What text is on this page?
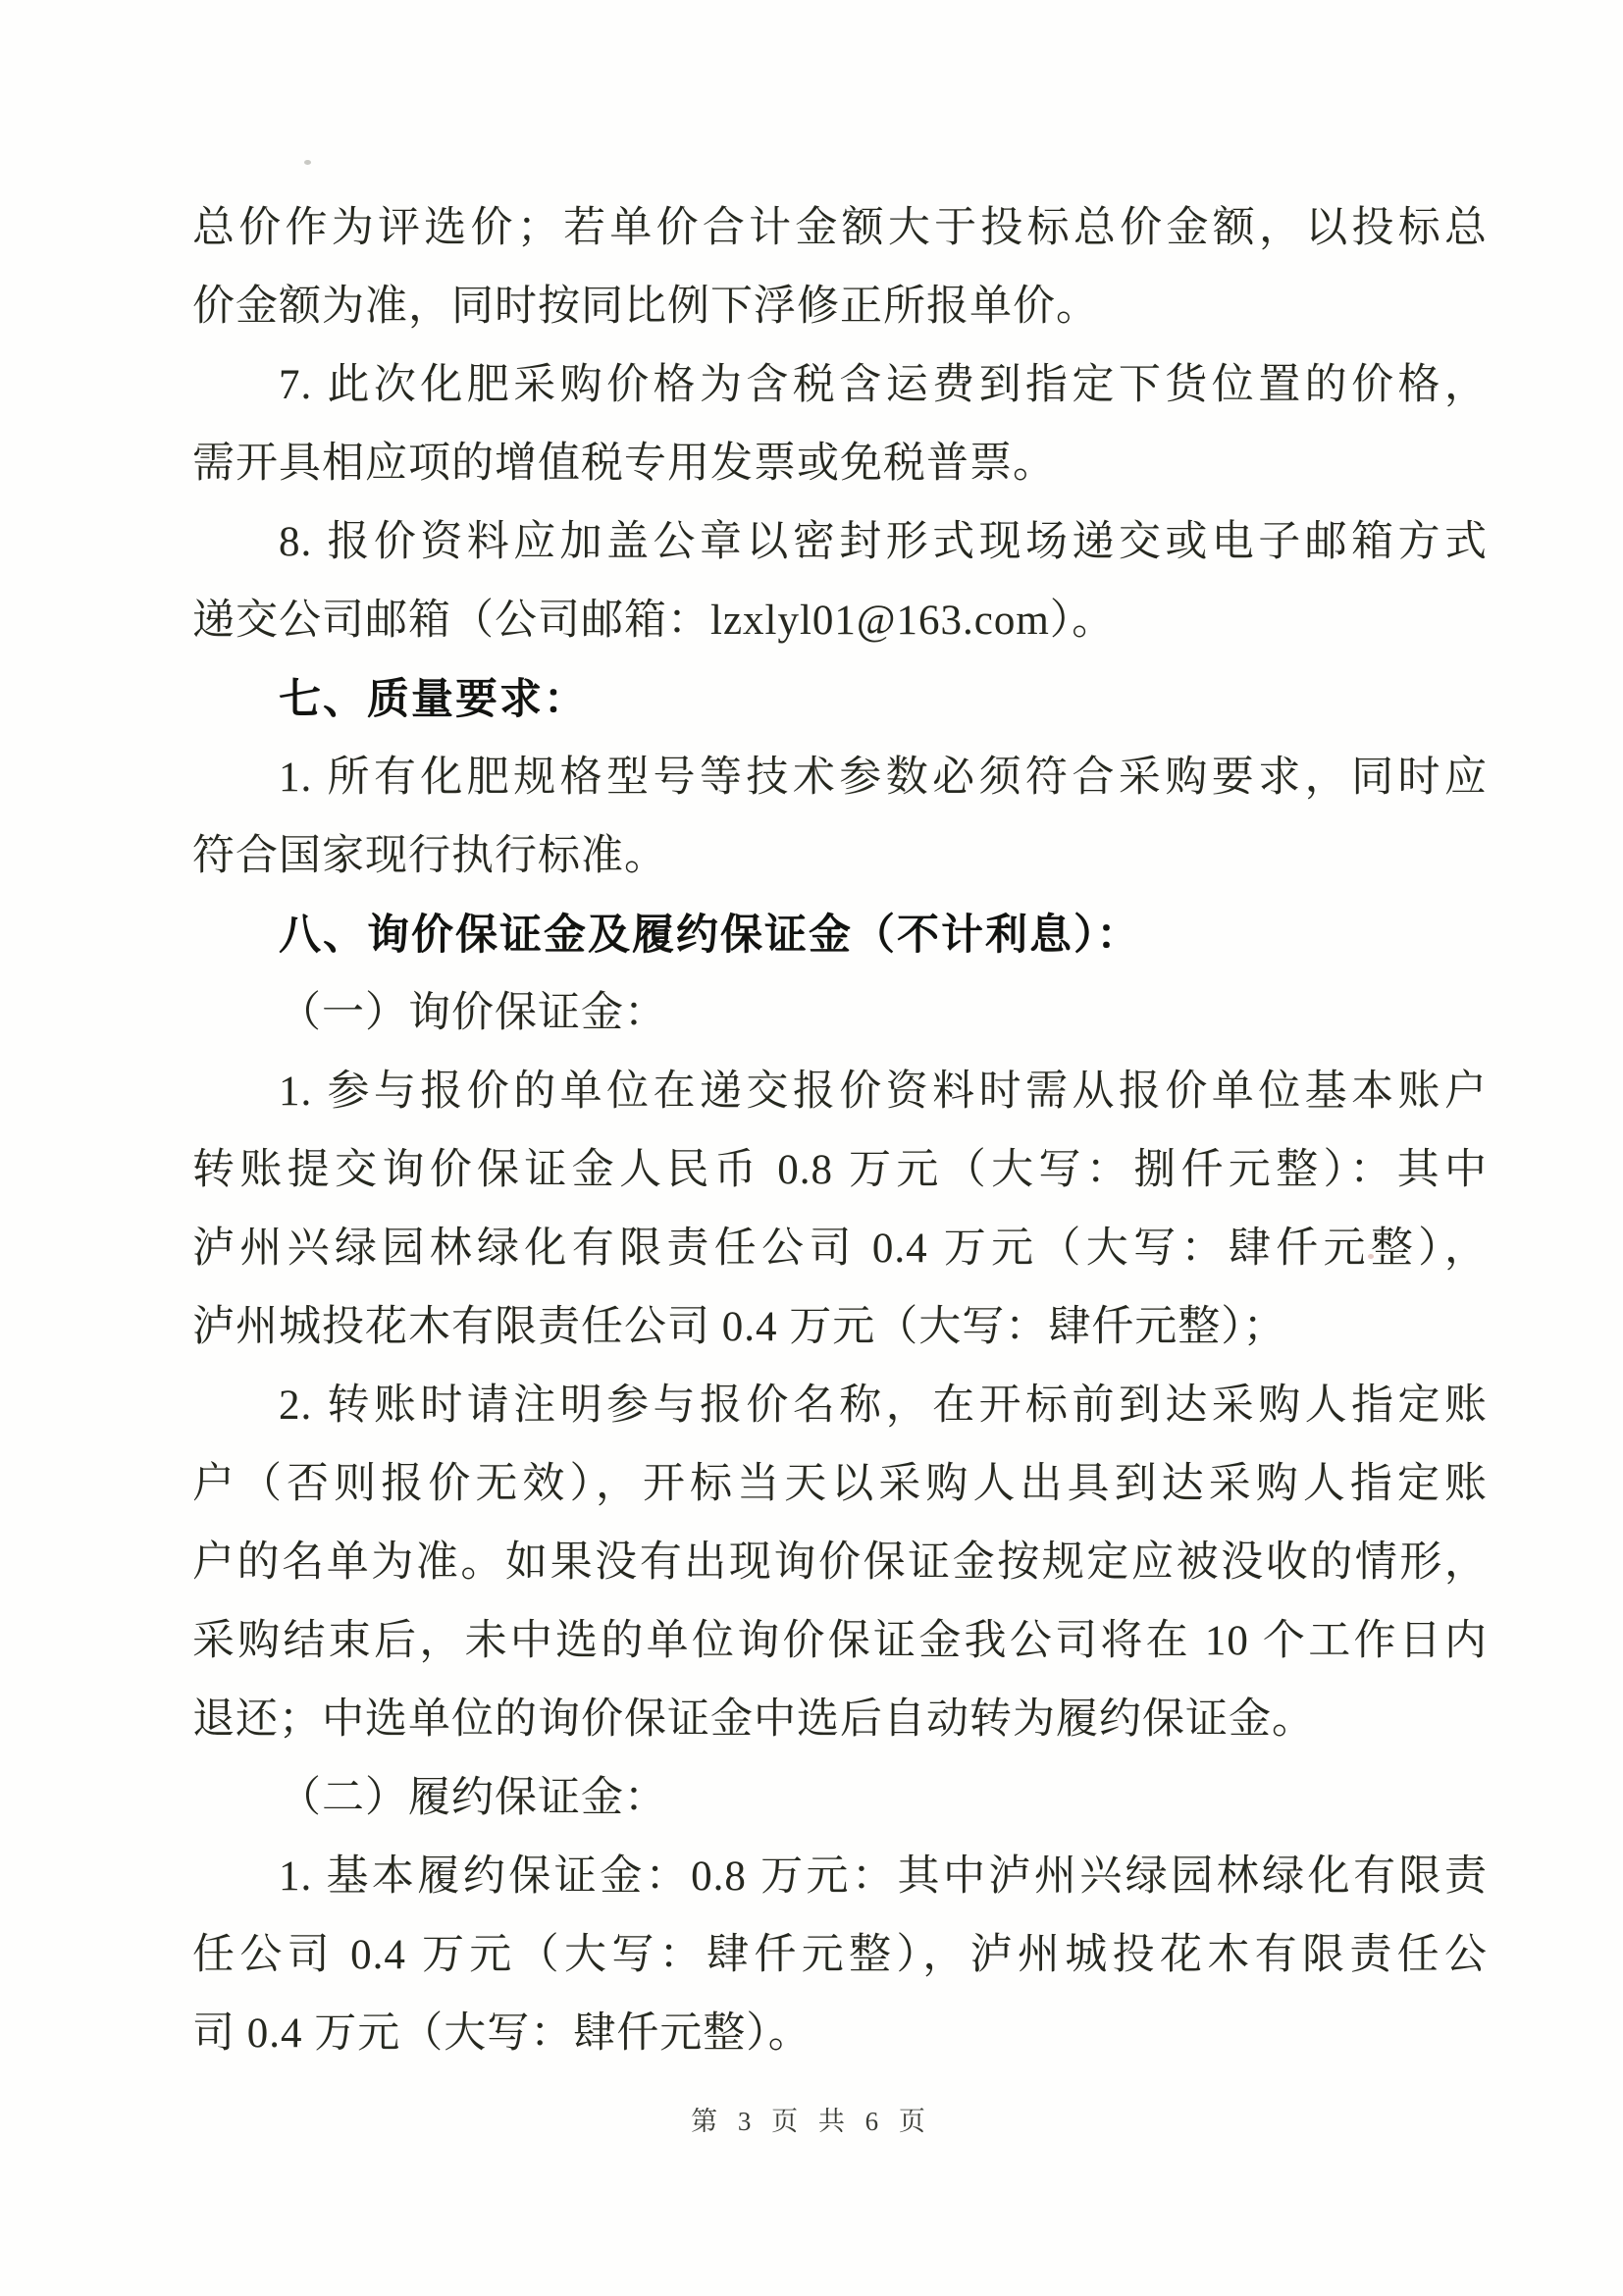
总价作为评选价；若单价合计金额大于投标总价金额，以投标总

价金额为准，同时按同比例下浮修正所报单价。

7. 此次化肥采购价格为含税含运费到指定下货位置的价格，

需开具相应项的增值税专用发票或免税普票。

8. 报价资料应加盖公章以密封形式现场递交或电子邮箱方式

递交公司邮箱（公司邮箱：lzxlyl01@163.com）。

七、质量要求：

1. 所有化肥规格型号等技术参数必须符合采购要求，同时应

符合国家现行执行标准。

八、询价保证金及履约保证金（不计利息）：

（一）询价保证金：

1. 参与报价的单位在递交报价资料时需从报价单位基本账户

转账提交询价保证金人民币 0.8 万元（大写：捌仟元整）：其中

泸州兴绿园林绿化有限责任公司 0.4 万元（大写：肆仟元整），

泸州城投花木有限责任公司 0.4 万元（大写：肆仟元整）；

2. 转账时请注明参与报价名称，在开标前到达采购人指定账

户（否则报价无效），开标当天以采购人出具到达采购人指定账

户的名单为准。如果没有出现询价保证金按规定应被没收的情形，

采购结束后，未中选的单位询价保证金我公司将在 10 个工作日内

退还；中选单位的询价保证金中选后自动转为履约保证金。

（二）履约保证金：

1. 基本履约保证金：0.8 万元：其中泸州兴绿园林绿化有限责

任公司 0.4 万元（大写：肆仟元整），泸州城投花木有限责任公

司 0.4 万元（大写：肆仟元整）。

第 3 页 共 6 页
